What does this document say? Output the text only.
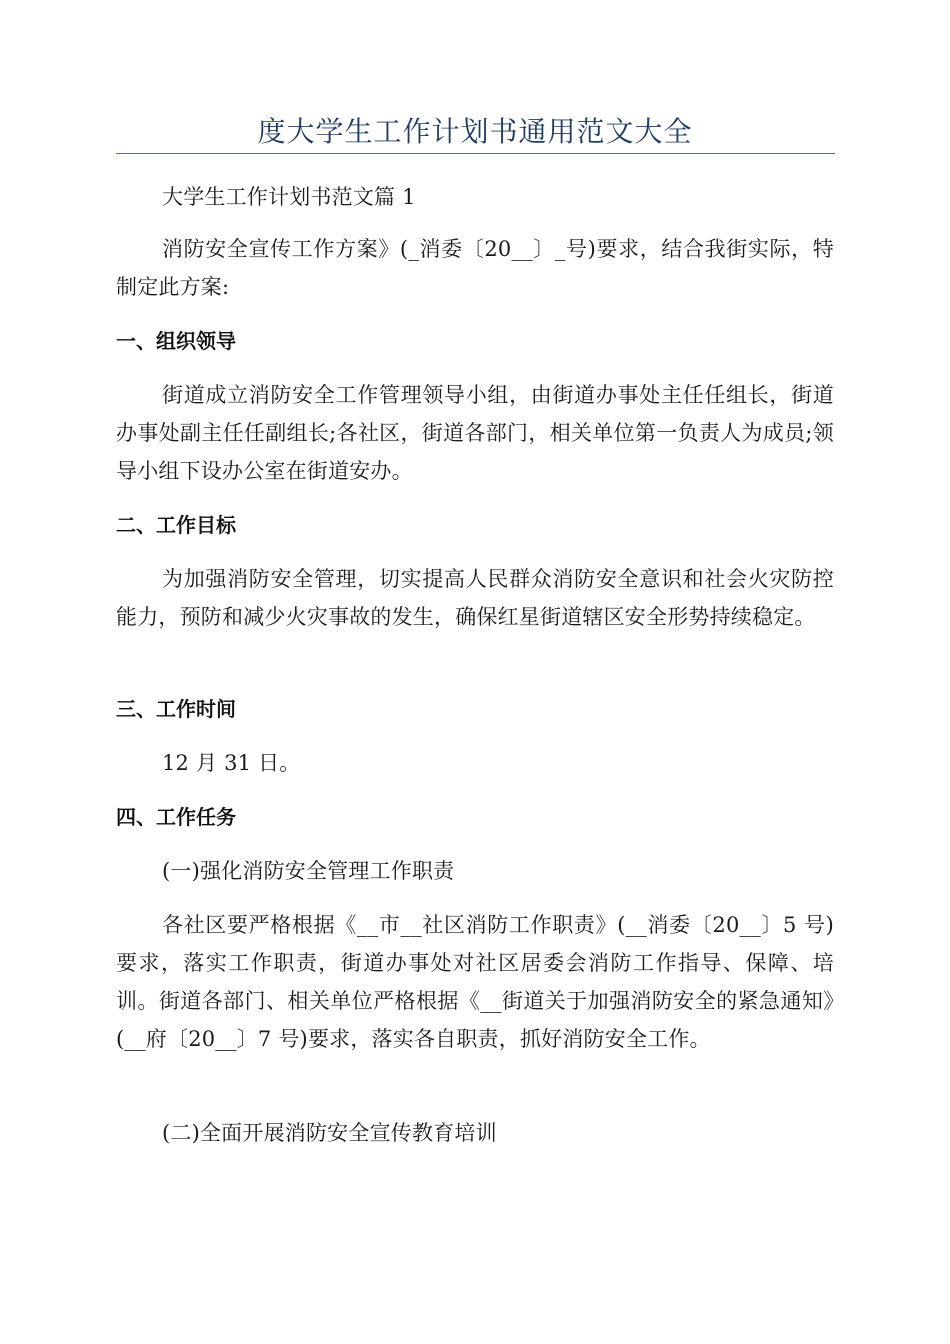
度大学生工作计划书通用范文大全
大学生工作计划书范文篇 1
消防安全宣传工作方案》(_消委〔20__〕_号)要求，结合我街实际，特制定此方案:
一、组织领导
街道成立消防安全工作管理领导小组，由街道办事处主任任组长，街道办事处副主任任副组长;各社区，街道各部门，相关单位第一负责人为成员;领导小组下设办公室在街道安办。
二、工作目标
为加强消防安全管理，切实提高人民群众消防安全意识和社会火灾防控能力，预防和减少火灾事故的发生，确保红星街道辖区安全形势持续稳定。
三、工作时间
12 月 31 日。
四、工作任务
(一)强化消防安全管理工作职责
各社区要严格根据《__市__社区消防工作职责》(__消委〔20__〕5 号)要求，落实工作职责，街道办事处对社区居委会消防工作指导、保障、培训。街道各部门、相关单位严格根据《__街道关于加强消防安全的紧急通知》(__府〔20__〕7 号)要求，落实各自职责，抓好消防安全工作。
(二)全面开展消防安全宣传教育培训
